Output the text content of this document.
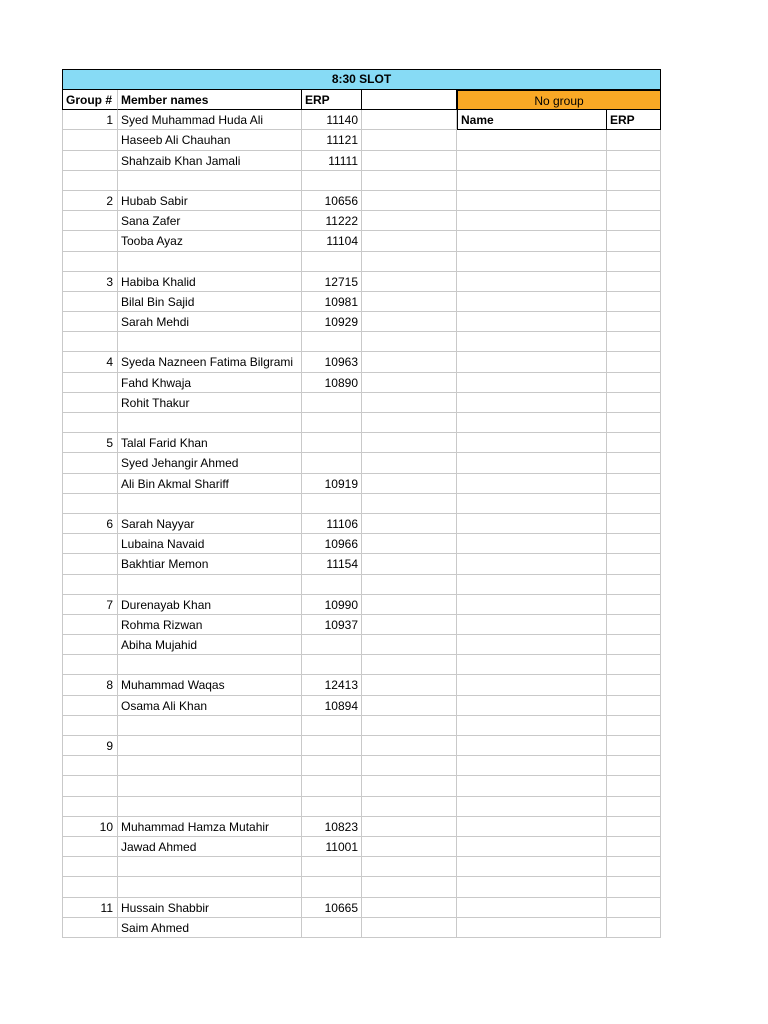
8:30 SLOT
Group # Member names	ERP	No group
1 Syed Muhammad Huda Ali	11140	Name	ERP
Haseeb Ali Chauhan	11121
Shahzaib Khan Jamali	11111
2 Hubab Sabir	10656
Sana Zafer	11222
Tooba Ayaz	11104
3 Habiba Khalid	12715
Bilal Bin Sajid	10981
Sarah Mehdi	10929
4 Syeda Nazneen Fatima Bilgrami	10963
Fahd Khwaja	10890
Rohit Thakur
5 Talal Farid Khan
Syed Jehangir Ahmed
Ali Bin Akmal Shariff	10919
6 Sarah Nayyar	11106
Lubaina Navaid	10966
Bakhtiar Memon	11154
7 Durenayab Khan	10990
Rohma Rizwan	10937
Abiha Mujahid
8 Muhammad Waqas	12413
Osama Ali Khan	10894
9
10 Muhammad Hamza Mutahir	10823
Jawad Ahmed	11001
11 Hussain Shabbir	10665
Saim Ahmed
